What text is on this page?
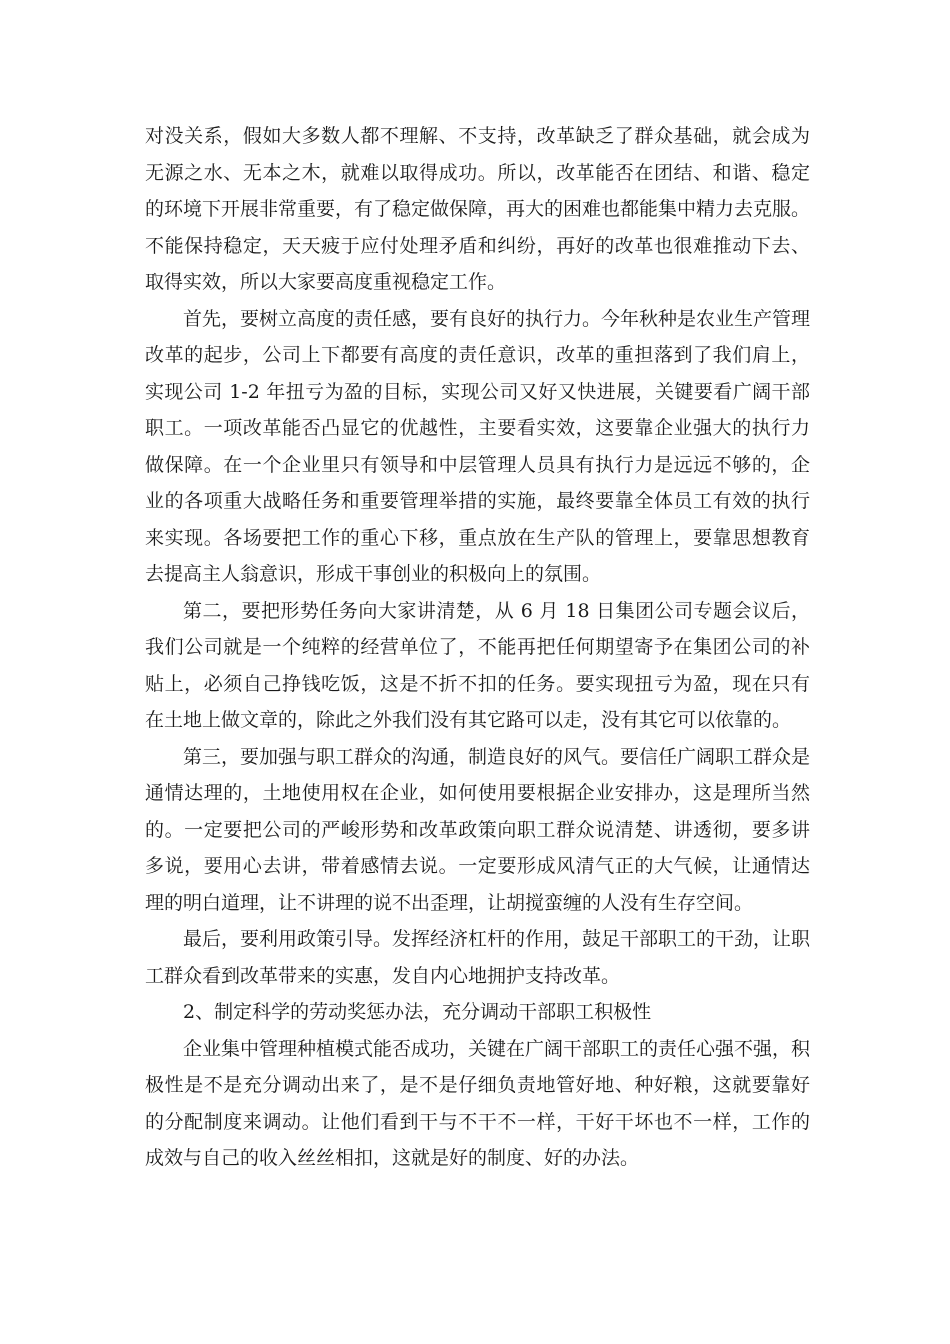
对没关系，假如大多数人都不理解、不支持，改革缺乏了群众基础，就会成为无源之水、无本之木，就难以取得成功。所以，改革能否在团结、和谐、稳定的环境下开展非常重要，有了稳定做保障，再大的困难也都能集中精力去克服。不能保持稳定，天天疲于应付处理矛盾和纠纷，再好的改革也很难推动下去、取得实效，所以大家要高度重视稳定工作。

首先，要树立高度的责任感，要有良好的执行力。今年秋种是农业生产管理改革的起步，公司上下都要有高度的责任意识，改革的重担落到了我们肩上，实现公司 1-2 年扭亏为盈的目标，实现公司又好又快进展，关键要看广阔干部职工。一项改革能否凸显它的优越性，主要看实效，这要靠企业强大的执行力做保障。在一个企业里只有领导和中层管理人员具有执行力是远远不够的，企业的各项重大战略任务和重要管理举措的实施，最终要靠全体员工有效的执行来实现。各场要把工作的重心下移，重点放在生产队的管理上，要靠思想教育去提高主人翁意识，形成干事创业的积极向上的氛围。

第二，要把形势任务向大家讲清楚，从 6 月 18 日集团公司专题会议后，我们公司就是一个纯粹的经营单位了，不能再把任何期望寄予在集团公司的补贴上，必须自己挣钱吃饭，这是不折不扣的任务。要实现扭亏为盈，现在只有在土地上做文章的，除此之外我们没有其它路可以走，没有其它可以依靠的。

第三，要加强与职工群众的沟通，制造良好的风气。要信任广阔职工群众是通情达理的，土地使用权在企业，如何使用要根据企业安排办，这是理所当然的。一定要把公司的严峻形势和改革政策向职工群众说清楚、讲透彻，要多讲多说，要用心去讲，带着感情去说。一定要形成风清气正的大气候，让通情达理的明白道理，让不讲理的说不出歪理，让胡搅蛮缠的人没有生存空间。

最后，要利用政策引导。发挥经济杠杆的作用，鼓足干部职工的干劲，让职工群众看到改革带来的实惠，发自内心地拥护支持改革。

2、制定科学的劳动奖惩办法，充分调动干部职工积极性

企业集中管理种植模式能否成功，关键在广阔干部职工的责任心强不强，积极性是不是充分调动出来了，是不是仔细负责地管好地、种好粮，这就要靠好的分配制度来调动。让他们看到干与不干不一样，干好干坏也不一样，工作的成效与自己的收入丝丝相扣，这就是好的制度、好的办法。
